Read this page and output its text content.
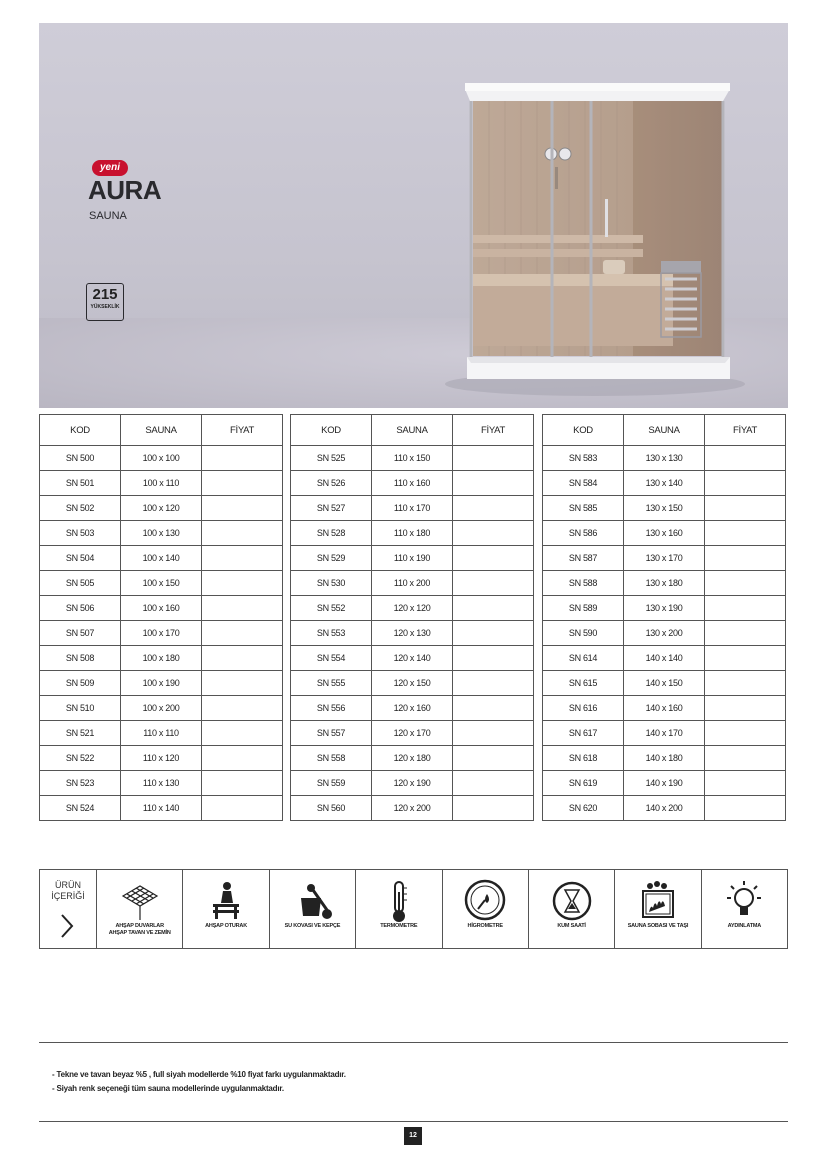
yeni
AURA
SAUNA
215
YÜKSEKLİK
KOD	SAUNA	FİYAT
SN 500	100 x 100	
SN 501	100 x 110	
SN 502	100 x 120	
SN 503	100 x 130	
SN 504	100 x 140	
SN 505	100 x 150	
SN 506	100 x 160	
SN 507	100 x 170	
SN 508	100 x 180	
SN 509	100 x 190	
SN 510	100 x 200	
SN 521	110 x 110	
SN 522	110 x 120	
SN 523	110 x 130	
SN 524	110 x 140	
KOD	SAUNA	FİYAT
SN 525	110 x 150	
SN 526	110 x 160	
SN 527	110 x 170	
SN 528	110 x 180	
SN 529	110 x 190	
SN 530	110 x 200	
SN 552	120 x 120	
SN 553	120 x 130	
SN 554	120 x 140	
SN 555	120 x 150	
SN 556	120 x 160	
SN 557	120 x 170	
SN 558	120 x 180	
SN 559	120 x 190	
SN 560	120 x 200	
KOD	SAUNA	FİYAT
SN 583	130 x 130	
SN 584	130 x 140	
SN 585	130 x 150	
SN 586	130 x 160	
SN 587	130 x 170	
SN 588	130 x 180	
SN 589	130 x 190	
SN 590	130 x 200	
SN 614	140 x 140	
SN 615	140 x 150	
SN 616	140 x 160	
SN 617	140 x 170	
SN 618	140 x 180	
SN 619	140 x 190	
SN 620	140 x 200	
ÜRÜN
İÇERİĞİ
AHŞAP DUVARLAR
AHŞAP TAVAN VE ZEMİN
AHŞAP OTURAK	SU KOVASI VE KEPÇE	TERMOMETRE	HİGROMETRE	KUM SAATİ	SAUNA SOBASI VE TAŞI	AYDINLATMA
- Tekne ve tavan beyaz %5 , full siyah modellerde %10 fiyat farkı uygulanmaktadır.
- Siyah renk seçeneği tüm sauna modellerinde uygulanmaktadır.
12
